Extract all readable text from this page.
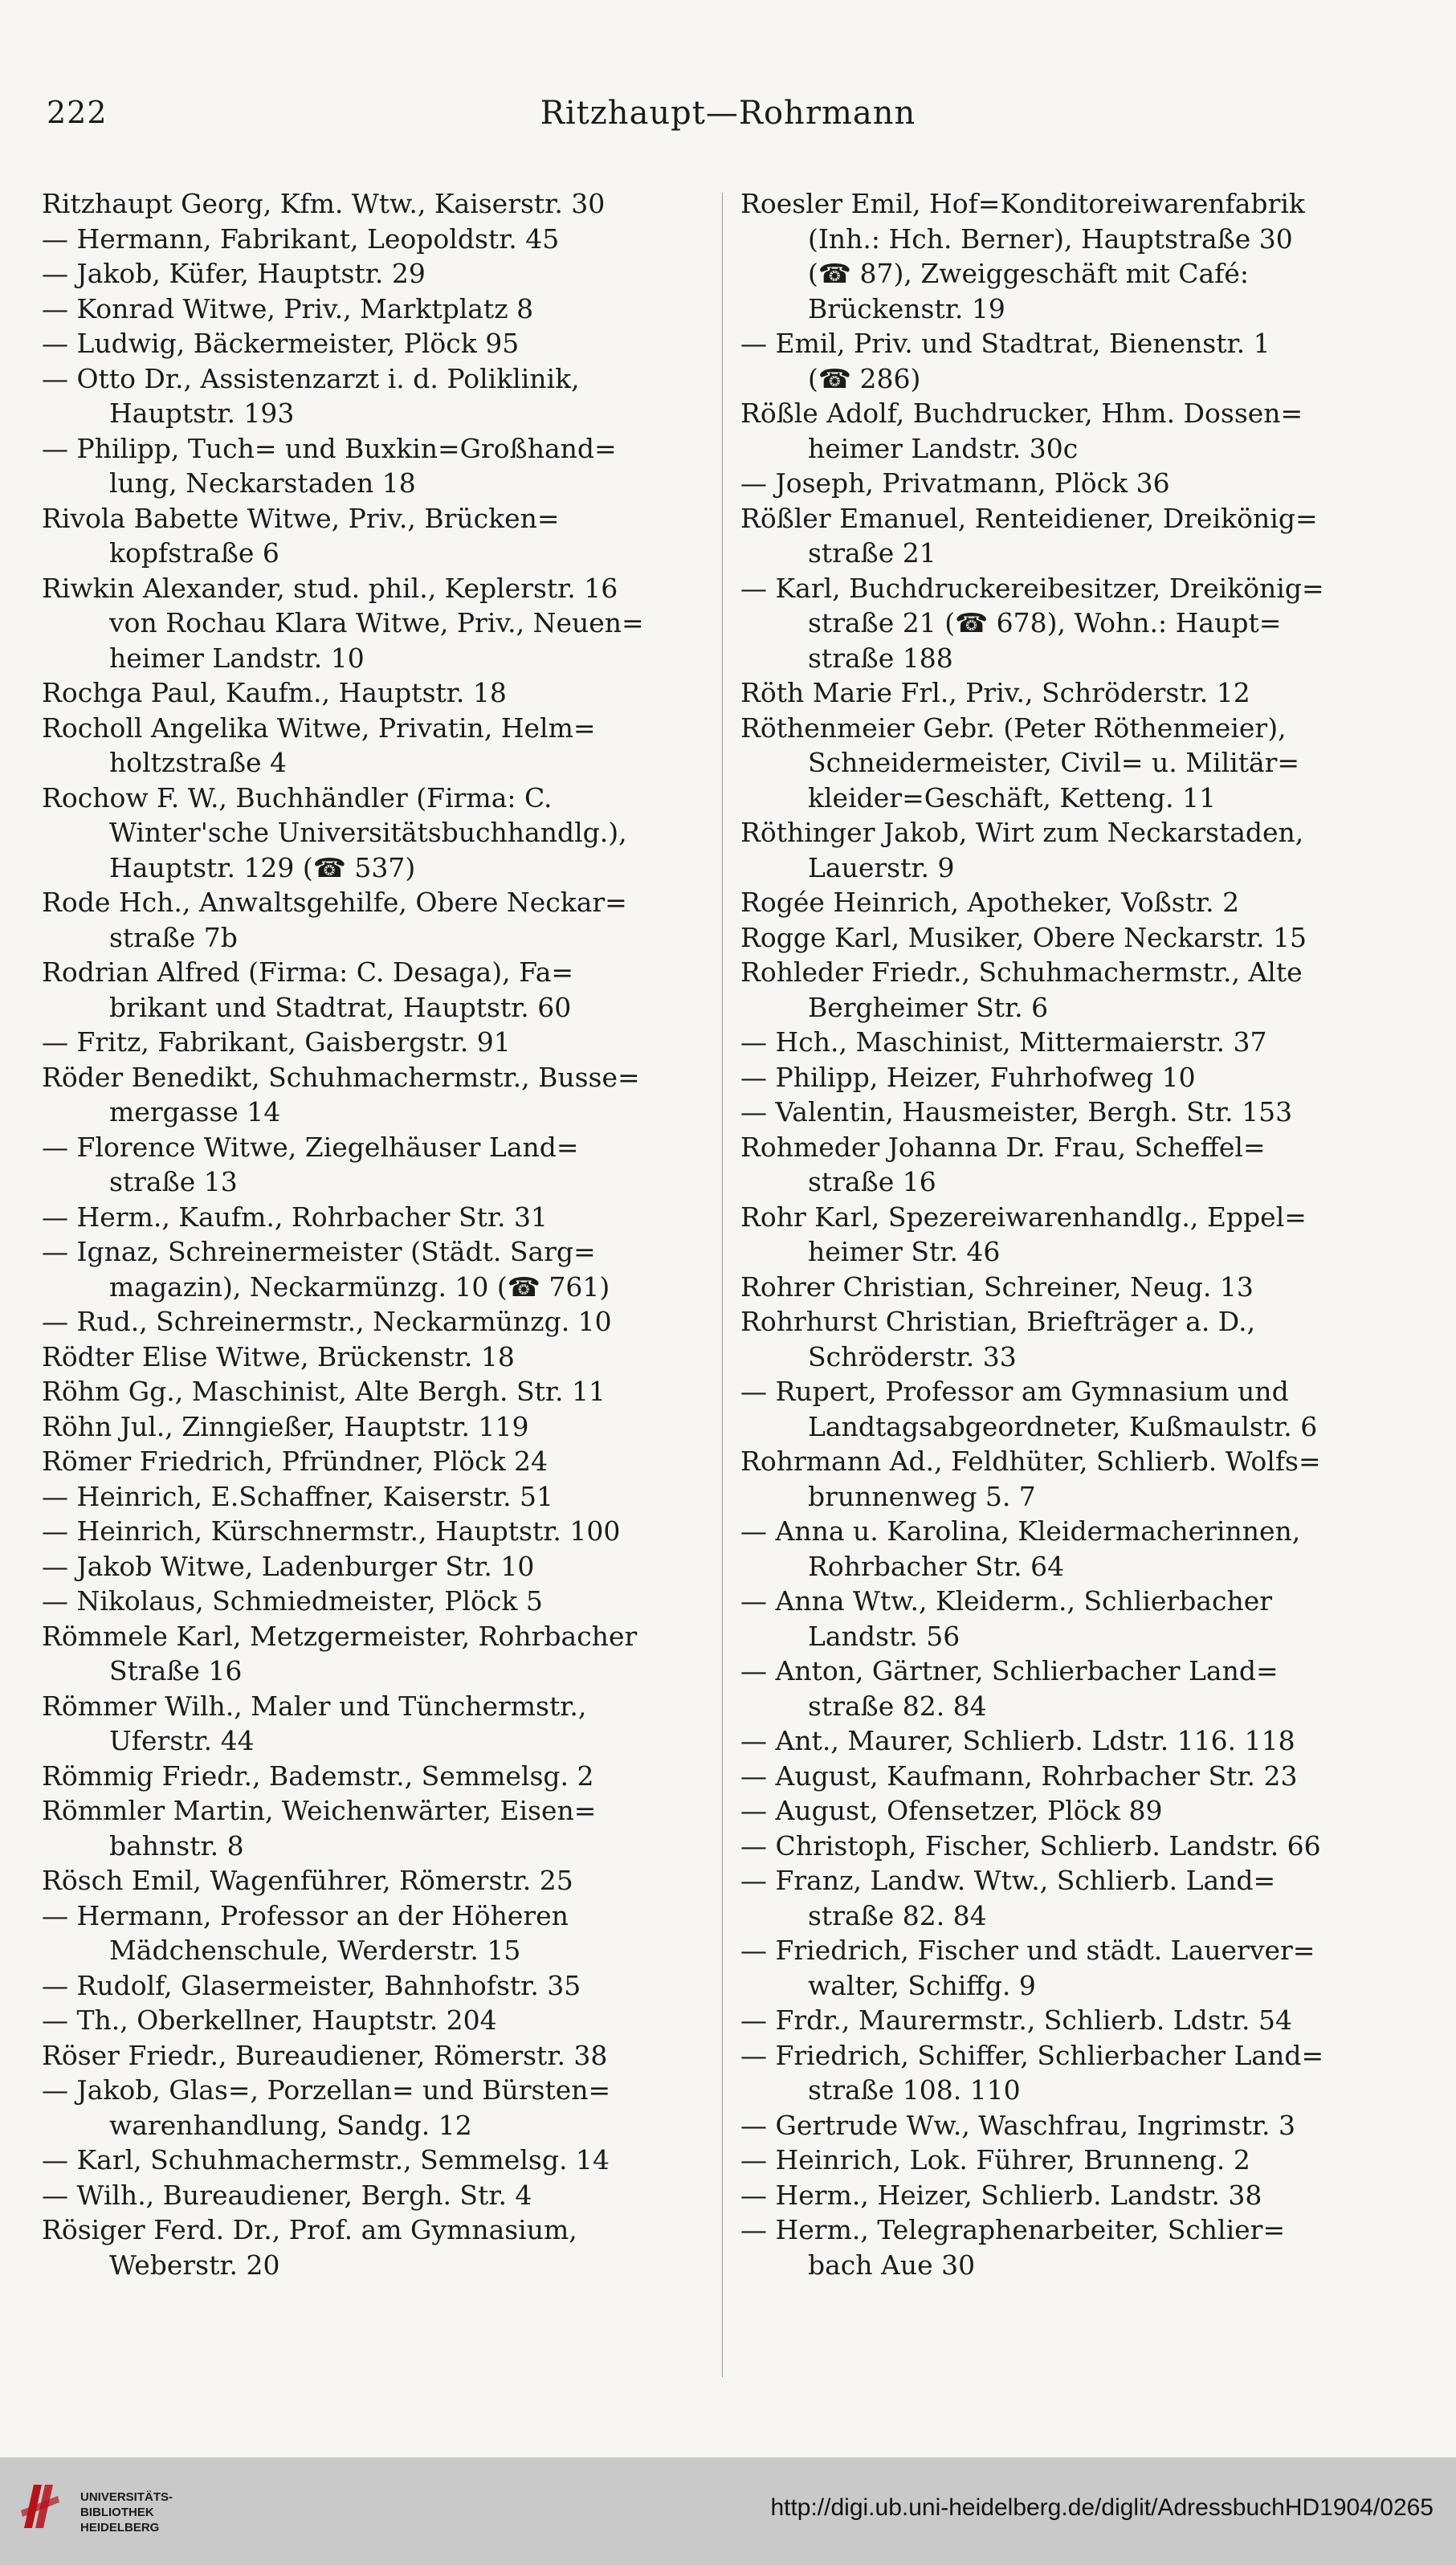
222	Ritzhaupt—Rohrmann
Ritzhaupt Georg, Kfm. Wtw., Kaiserstr. 30
— Hermann, Fabrikant, Leopoldstr. 45
— Jakob, Küfer, Hauptstr. 29
— Konrad Witwe, Priv., Marktplatz 8
— Ludwig, Bäckermeister, Plöck 95
— Otto Dr., Assistenzarzt i. d. Poliklinik,
Hauptstr. 193
— Philipp, Tuch= und Buxkin=Großhand=
lung, Neckarstaden 18
Rivola Babette Witwe, Priv., Brücken=
kopfstraße 6
Riwkin Alexander, stud. phil., Keplerstr. 16
von Rochau Klara Witwe, Priv., Neuen=
heimer Landstr. 10
Rochga Paul, Kaufm., Hauptstr. 18
Rocholl Angelika Witwe, Privatin, Helm=
holtzstraße 4
Rochow F. W., Buchhändler (Firma: C.
Winter'sche Universitätsbuchhandlg.),
Hauptstr. 129 (☎ 537)
Rode Hch., Anwaltsgehilfe, Obere Neckar=
straße 7b
Rodrian Alfred (Firma: C. Desaga), Fa=
brikant und Stadtrat, Hauptstr. 60
— Fritz, Fabrikant, Gaisbergstr. 91
Röder Benedikt, Schuhmachermstr., Busse=
mergasse 14
— Florence Witwe, Ziegelhäuser Land=
straße 13
— Herm., Kaufm., Rohrbacher Str. 31
— Ignaz, Schreinermeister (Städt. Sarg=
magazin), Neckarmünzg. 10 (☎ 761)
— Rud., Schreinermstr., Neckarmünzg. 10
Rödter Elise Witwe, Brückenstr. 18
Röhm Gg., Maschinist, Alte Bergh. Str. 11
Röhn Jul., Zinngießer, Hauptstr. 119
Römer Friedrich, Pfründner, Plöck 24
— Heinrich, E.Schaffner, Kaiserstr. 51
— Heinrich, Kürschnermstr., Hauptstr. 100
— Jakob Witwe, Ladenburger Str. 10
— Nikolaus, Schmiedmeister, Plöck 5
Römmele Karl, Metzgermeister, Rohrbacher
Straße 16
Römmer Wilh., Maler und Tünchermstr.,
Uferstr. 44
Römmig Friedr., Bademstr., Semmelsg. 2
Römmler Martin, Weichenwärter, Eisen=
bahnstr. 8
Rösch Emil, Wagenführer, Römerstr. 25
— Hermann, Professor an der Höheren
Mädchenschule, Werderstr. 15
— Rudolf, Glasermeister, Bahnhofstr. 35
— Th., Oberkellner, Hauptstr. 204
Röser Friedr., Bureaudiener, Römerstr. 38
— Jakob, Glas=, Porzellan= und Bürsten=
warenhandlung, Sandg. 12
— Karl, Schuhmachermstr., Semmelsg. 14
— Wilh., Bureaudiener, Bergh. Str. 4
Rösiger Ferd. Dr., Prof. am Gymnasium,
Weberstr. 20
Roesler Emil, Hof=Konditoreiwarenfabrik
(Inh.: Hch. Berner), Hauptstraße 30
(☎ 87), Zweiggeschäft mit Café:
Brückenstr. 19
— Emil, Priv. und Stadtrat, Bienenstr. 1
(☎ 286)
Rößle Adolf, Buchdrucker, Hhm. Dossen=
heimer Landstr. 30c
— Joseph, Privatmann, Plöck 36
Rößler Emanuel, Renteidiener, Dreikönig=
straße 21
— Karl, Buchdruckereibesitzer, Dreikönig=
straße 21 (☎ 678), Wohn.: Haupt=
straße 188
Röth Marie Frl., Priv., Schröderstr. 12
Röthenmeier Gebr. (Peter Röthenmeier),
Schneidermeister, Civil= u. Militär=
kleider=Geschäft, Ketteng. 11
Röthinger Jakob, Wirt zum Neckarstaden,
Lauerstr. 9
Rogée Heinrich, Apotheker, Voßstr. 2
Rogge Karl, Musiker, Obere Neckarstr. 15
Rohleder Friedr., Schuhmachermstr., Alte
Bergheimer Str. 6
— Hch., Maschinist, Mittermaierstr. 37
— Philipp, Heizer, Fuhrhofweg 10
— Valentin, Hausmeister, Bergh. Str. 153
Rohmeder Johanna Dr. Frau, Scheffel=
straße 16
Rohr Karl, Spezereiwarenhandlg., Eppel=
heimer Str. 46
Rohrer Christian, Schreiner, Neug. 13
Rohrhurst Christian, Briefträger a. D.,
Schröderstr. 33
— Rupert, Professor am Gymnasium und
Landtagsabgeordneter, Kußmaulstr. 6
Rohrmann Ad., Feldhüter, Schlierb. Wolfs=
brunnenweg 5. 7
— Anna u. Karolina, Kleidermacherinnen,
Rohrbacher Str. 64
— Anna Wtw., Kleiderm., Schlierbacher
Landstr. 56
— Anton, Gärtner, Schlierbacher Land=
straße 82. 84
— Ant., Maurer, Schlierb. Ldstr. 116. 118
— August, Kaufmann, Rohrbacher Str. 23
— August, Ofensetzer, Plöck 89
— Christoph, Fischer, Schlierb. Landstr. 66
— Franz, Landw. Wtw., Schlierb. Land=
straße 82. 84
— Friedrich, Fischer und städt. Lauerver=
walter, Schiffg. 9
— Frdr., Maurermstr., Schlierb. Ldstr. 54
— Friedrich, Schiffer, Schlierbacher Land=
straße 108. 110
— Gertrude Ww., Waschfrau, Ingrimstr. 3
— Heinrich, Lok. Führer, Brunneng. 2
— Herm., Heizer, Schlierb. Landstr. 38
— Herm., Telegraphenarbeiter, Schlier=
bach Aue 30
UNIVERSITÄTS-
BIBLIOTHEK
HEIDELBERG
http://digi.ub.uni-heidelberg.de/diglit/AdressbuchHD1904/0265
